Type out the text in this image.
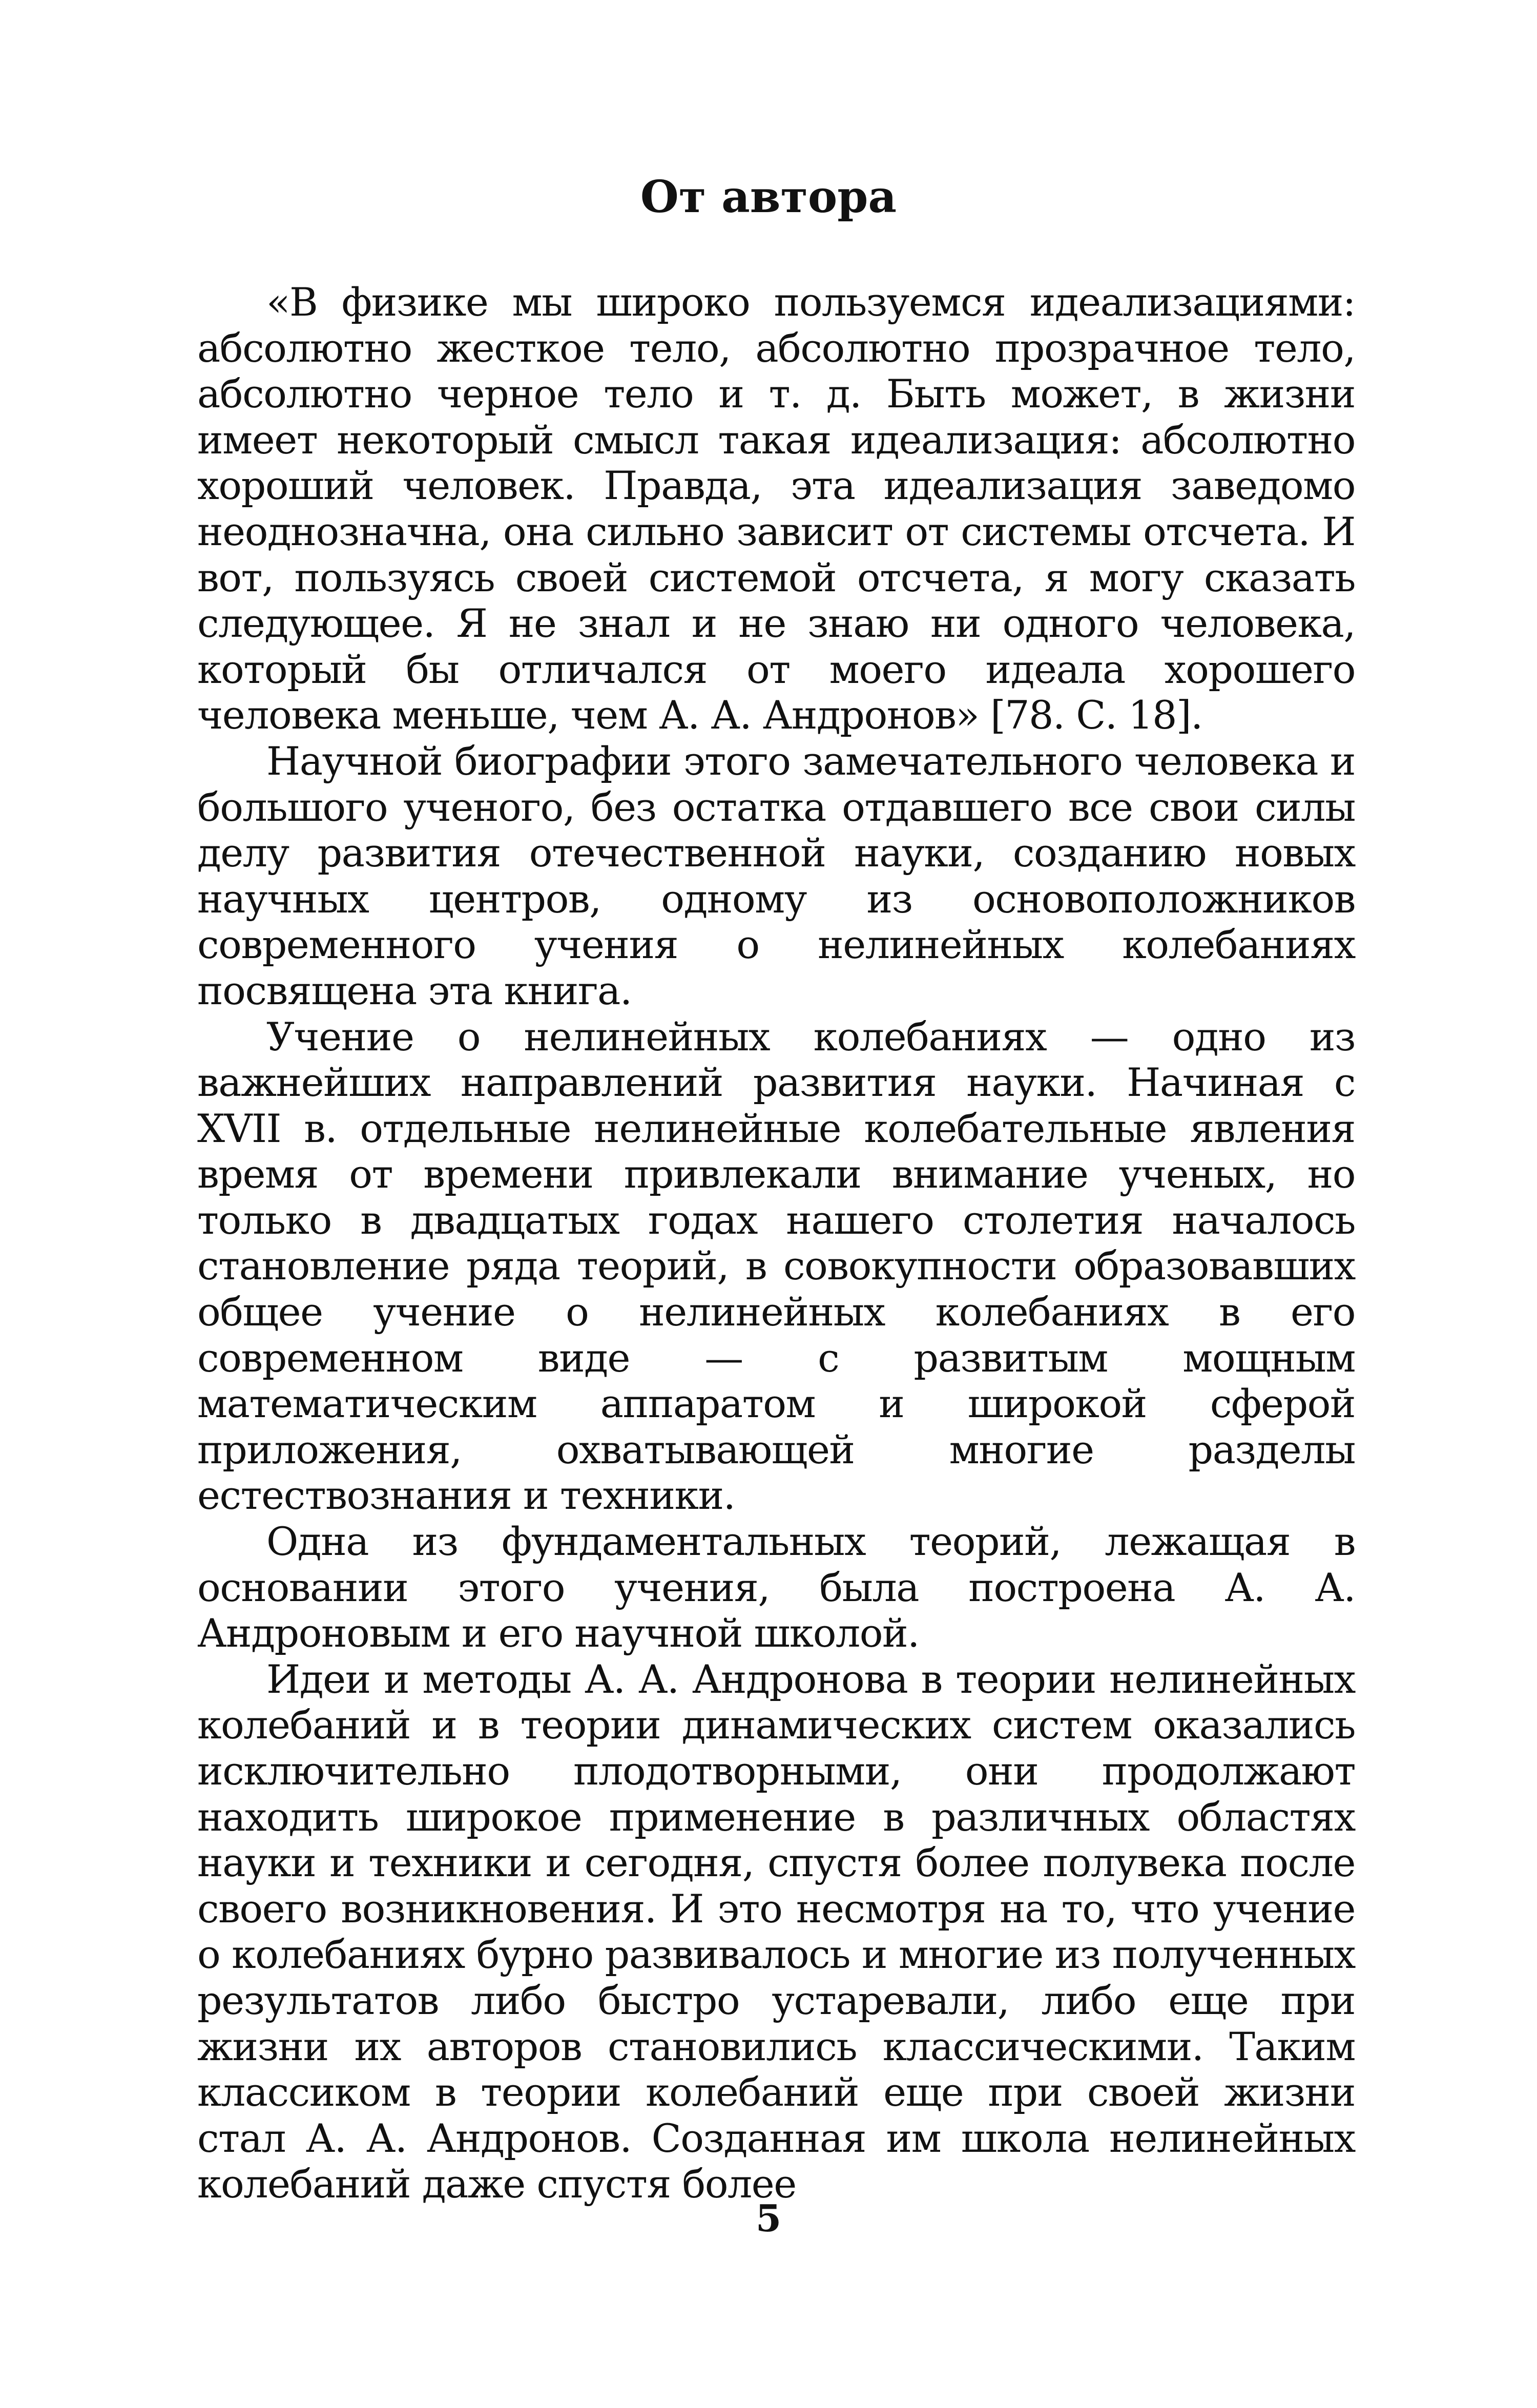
От автора

«В физике мы широко пользуемся идеализациями: абсолютно жесткое тело, абсолютно прозрачное тело, абсолютно черное тело и т. д. Быть может, в жизни имеет некоторый смысл такая идеализация: абсолютно хороший человек. Правда, эта идеализация заведомо неоднозначна, она сильно зависит от системы отсчета. И вот, пользуясь своей системой отсчета, я могу сказать следующее. Я не знал и не знаю ни одного человека, который бы отличался от моего идеала хорошего человека меньше, чем А. А. Андронов» [78. С. 18].

Научной биографии этого замечательного человека и большого ученого, без остатка отдавшего все свои силы делу развития отечественной науки, созданию новых научных центров, одному из основоположников современного учения о нелинейных колебаниях посвящена эта книга.

Учение о нелинейных колебаниях — одно из важнейших направлений развития науки. Начиная с XVII в. отдельные нелинейные колебательные явления время от времени привлекали внимание ученых, но только в двадцатых годах нашего столетия началось становление ряда теорий, в совокупности образовавших общее учение о нелинейных колебаниях в его современном виде — с развитым мощным математическим аппаратом и широкой сферой приложения, охватывающей многие разделы естествознания и техники.

Одна из фундаментальных теорий, лежащая в основании этого учения, была построена А. А. Андроновым и его научной школой.

Идеи и методы А. А. Андронова в теории нелинейных колебаний и в теории динамических систем оказались исключительно плодотворными, они продолжают находить широкое применение в различных областях науки и техники и сегодня, спустя более полувека после своего возникновения. И это несмотря на то, что учение о колебаниях бурно развивалось и многие из полученных результатов либо быстро устаревали, либо еще при жизни их авторов становились классическими. Таким классиком в теории колебаний еще при своей жизни стал А. А. Андронов. Созданная им школа нелинейных колебаний даже спустя более

5
